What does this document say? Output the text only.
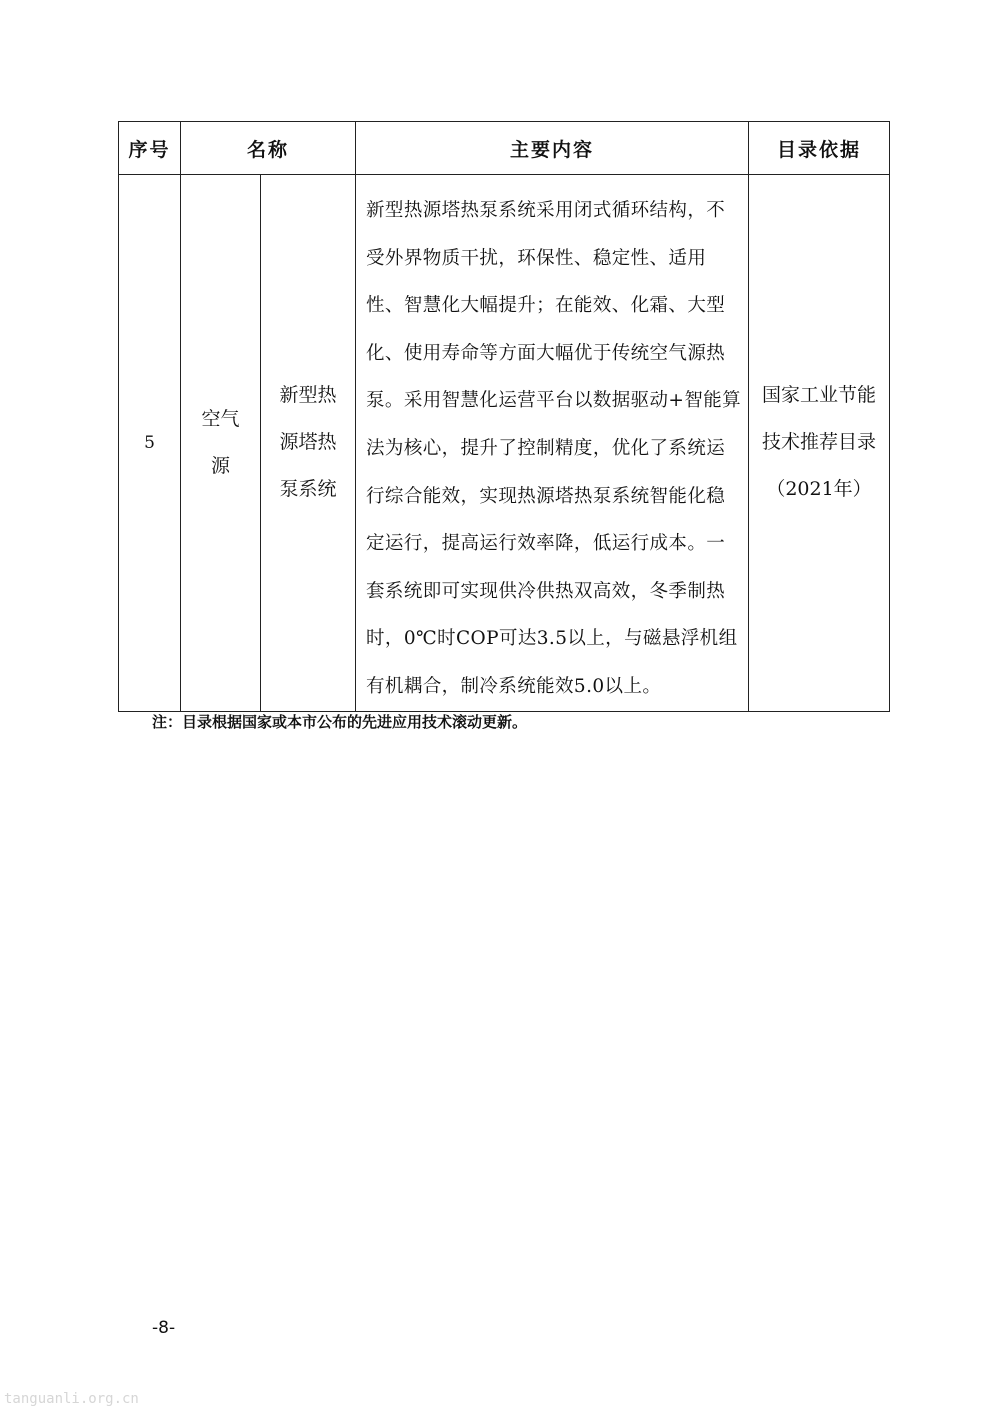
序号	名称		主要内容	目录依据
5	空气源	新型热源塔热泵系统	新型热源塔热泵系统采用闭式循环结构，不受外界物质干扰，环保性、稳定性、适用性、智慧化大幅提升；在能效、化霜、大型化、使用寿命等方面大幅优于传统空气源热泵。采用智慧化运营平台以数据驱动+智能算法为核心，提升了控制精度，优化了系统运行综合能效，实现热源塔热泵系统智能化稳定运行，提高运行效率降，低运行成本。一套系统即可实现供冷供热双高效，冬季制热时，0℃时COP可达3.5以上，与磁悬浮机组有机耦合，制冷系统能效5.0以上。	国家工业节能技术推荐目录（2021年）
注：目录根据国家或本市公布的先进应用技术滚动更新。
-8-
tanguanli.org.cn
